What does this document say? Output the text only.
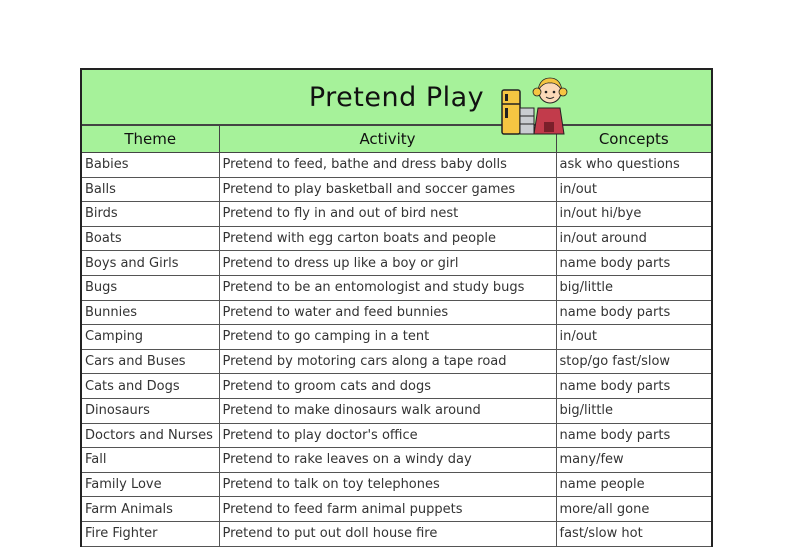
Pretend Play
Theme	Activity	Concepts
Babies	Pretend to feed, bathe and dress baby dolls	ask who questions
Balls	Pretend to play basketball and soccer games	in/out
Birds	Pretend to fly in and out of bird nest	in/out hi/bye
Boats	Pretend with egg carton boats and people	in/out around
Boys and Girls	Pretend to dress up like a boy or girl	name body parts
Bugs	Pretend to be an entomologist and study bugs	big/little
Bunnies	Pretend to water and feed bunnies	name body parts
Camping	Pretend to go camping in a tent	in/out
Cars and Buses	Pretend by motoring cars along a tape road	stop/go fast/slow
Cats and Dogs	Pretend to groom cats and dogs	name body parts
Dinosaurs	Pretend to make dinosaurs walk around	big/little
Doctors and Nurses	Pretend to play doctor's office	name body parts
Fall	Pretend to rake leaves on a windy day	many/few
Family Love	Pretend to talk on toy telephones	name people
Farm Animals	Pretend to feed farm animal puppets	more/all gone
Fire Fighter	Pretend to put out doll house fire	fast/slow hot
